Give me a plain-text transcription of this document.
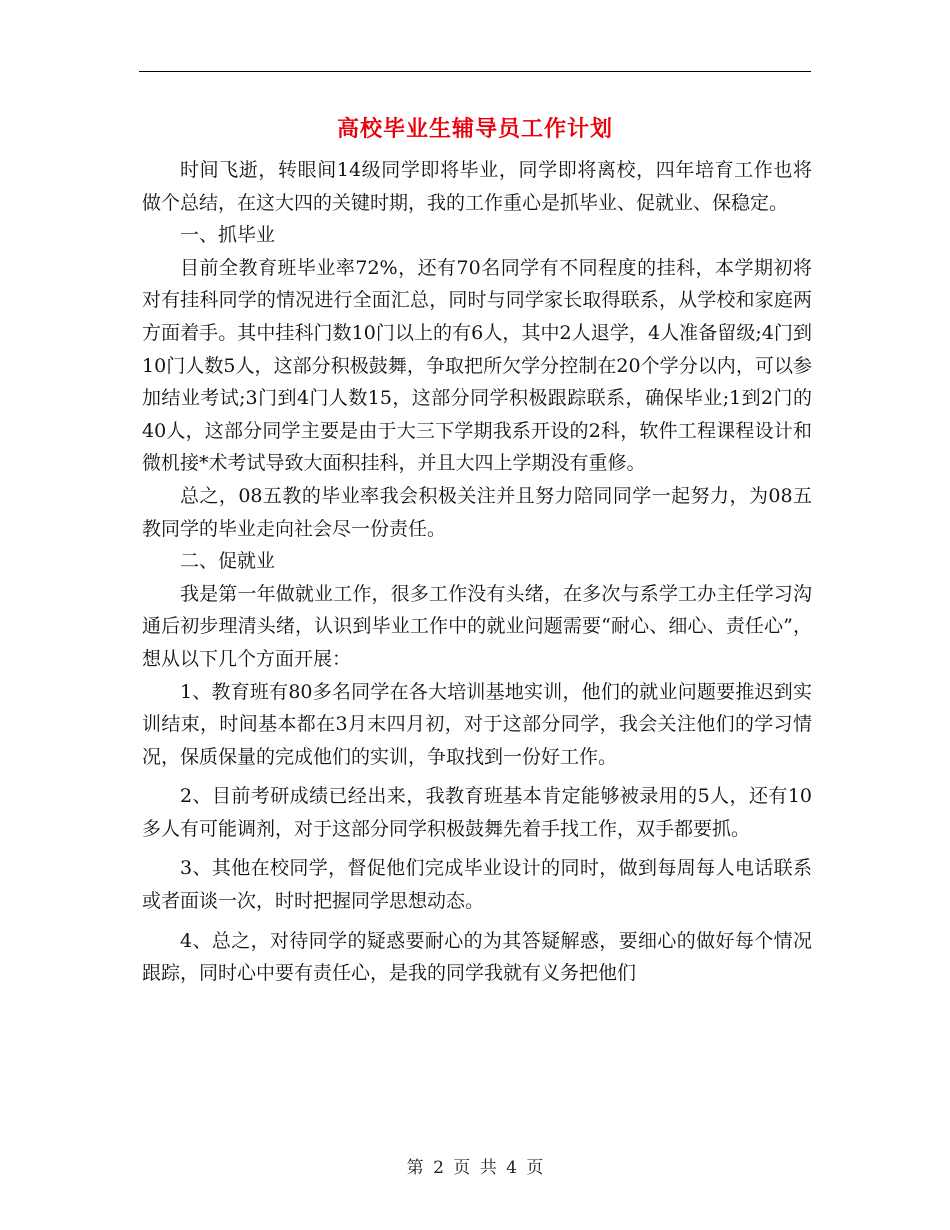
高校毕业生辅导员工作计划

时间飞逝，转眼间14级同学即将毕业，同学即将离校，四年培育工作也将做个总结，在这大四的关键时期，我的工作重心是抓毕业、促就业、保稳定。

一、抓毕业

目前全教育班毕业率72%，还有70名同学有不同程度的挂科，本学期初将对有挂科同学的情况进行全面汇总，同时与同学家长取得联系，从学校和家庭两方面着手。其中挂科门数10门以上的有6人，其中2人退学，4人准备留级;4门到10门人数5人，这部分积极鼓舞，争取把所欠学分控制在20个学分以内，可以参加结业考试;3门到4门人数15，这部分同学积极跟踪联系，确保毕业;1到2门的40人，这部分同学主要是由于大三下学期我系开设的2科，软件工程课程设计和微机接*术考试导致大面积挂科，并且大四上学期没有重修。

总之，08五教的毕业率我会积极关注并且努力陪同同学一起努力，为08五教同学的毕业走向社会尽一份责任。

二、促就业

我是第一年做就业工作，很多工作没有头绪，在多次与系学工办主任学习沟通后初步理清头绪，认识到毕业工作中的就业问题需要“耐心、细心、责任心”，想从以下几个方面开展：

1、教育班有80多名同学在各大培训基地实训，他们的就业问题要推迟到实训结束，时间基本都在3月末四月初，对于这部分同学，我会关注他们的学习情况，保质保量的完成他们的实训，争取找到一份好工作。

2、目前考研成绩已经出来，我教育班基本肯定能够被录用的5人，还有10多人有可能调剂，对于这部分同学积极鼓舞先着手找工作，双手都要抓。

3、其他在校同学，督促他们完成毕业设计的同时，做到每周每人电话联系或者面谈一次，时时把握同学思想动态。

4、总之，对待同学的疑惑要耐心的为其答疑解惑，要细心的做好每个情况跟踪，同时心中要有责任心，是我的同学我就有义务把他们

第 2 页 共 4 页
